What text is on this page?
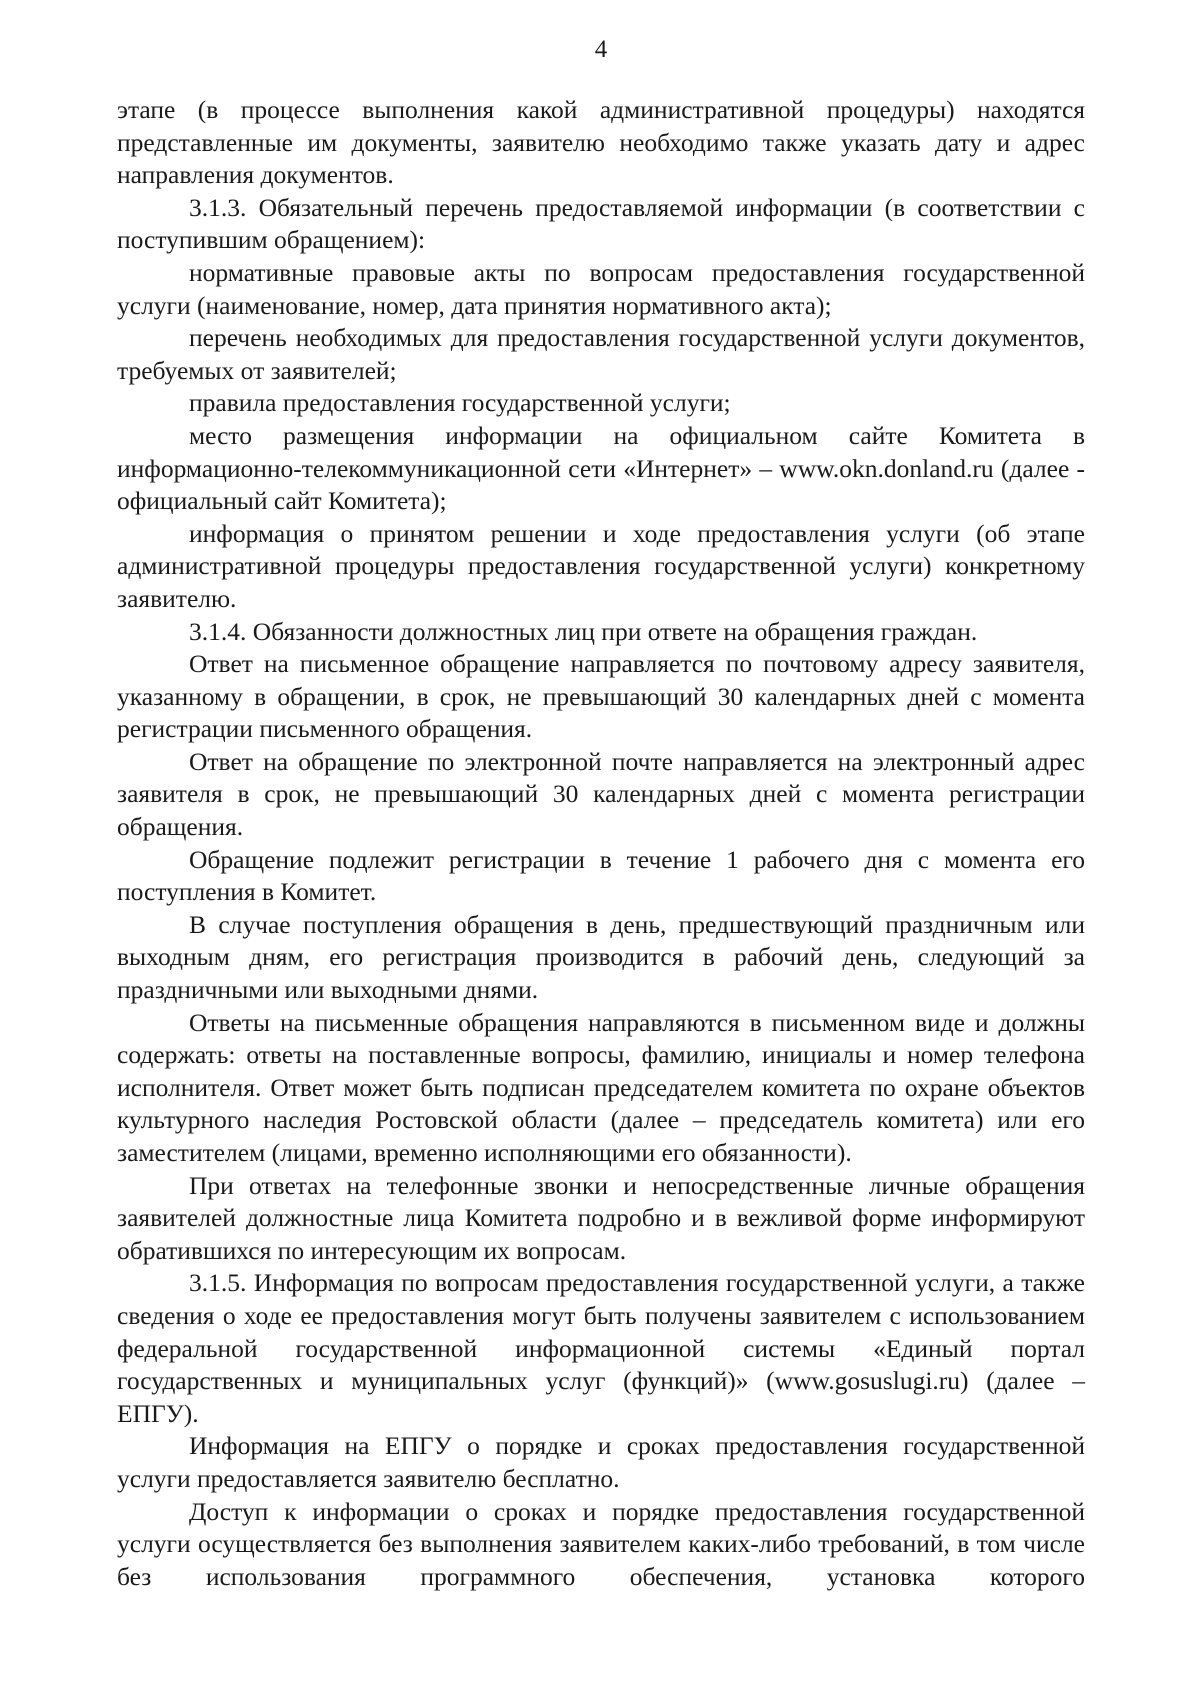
4

этапе (в процессе выполнения какой административной процедуры) находятся представленные им документы, заявителю необходимо также указать дату и адрес направления документов.

3.1.3. Обязательный перечень предоставляемой информации (в соответствии с поступившим обращением):

нормативные правовые акты по вопросам предоставления государственной услуги (наименование, номер, дата принятия нормативного акта);

перечень необходимых для предоставления государственной услуги документов, требуемых от заявителей;

правила предоставления государственной услуги;

место размещения информации на официальном сайте Комитета в информационно-телекоммуникационной сети «Интернет» – www.okn.donland.ru (далее - официальный сайт Комитета);

информация о принятом решении и ходе предоставления услуги (об этапе административной процедуры предоставления государственной услуги) конкретному заявителю.

3.1.4. Обязанности должностных лиц при ответе на обращения граждан.

Ответ на письменное обращение направляется по почтовому адресу заявителя, указанному в обращении, в срок, не превышающий 30 календарных дней с момента регистрации письменного обращения.

Ответ на обращение по электронной почте направляется на электронный адрес заявителя в срок, не превышающий 30 календарных дней с момента регистрации обращения.

Обращение подлежит регистрации в течение 1 рабочего дня с момента его поступления в Комитет.

В случае поступления обращения в день, предшествующий праздничным или выходным дням, его регистрация производится в рабочий день, следующий за праздничными или выходными днями.

Ответы на письменные обращения направляются в письменном виде и должны содержать: ответы на поставленные вопросы, фамилию, инициалы и номер телефона исполнителя. Ответ может быть подписан председателем комитета по охране объектов культурного наследия Ростовской области (далее – председатель комитета) или его заместителем (лицами, временно исполняющими его обязанности).

При ответах на телефонные звонки и непосредственные личные обращения заявителей должностные лица Комитета подробно и в вежливой форме информируют обратившихся по интересующим их вопросам.

3.1.5. Информация по вопросам предоставления государственной услуги, а также сведения о ходе ее предоставления могут быть получены заявителем с использованием федеральной государственной информационной системы «Единый портал государственных и муниципальных услуг (функций)» (www.gosuslugi.ru) (далее – ЕПГУ).

Информация на ЕПГУ о порядке и сроках предоставления государственной услуги предоставляется заявителю бесплатно.

Доступ к информации о сроках и порядке предоставления государственной услуги осуществляется без выполнения заявителем каких-либо требований, в том числе без использования программного обеспечения, установка которого
